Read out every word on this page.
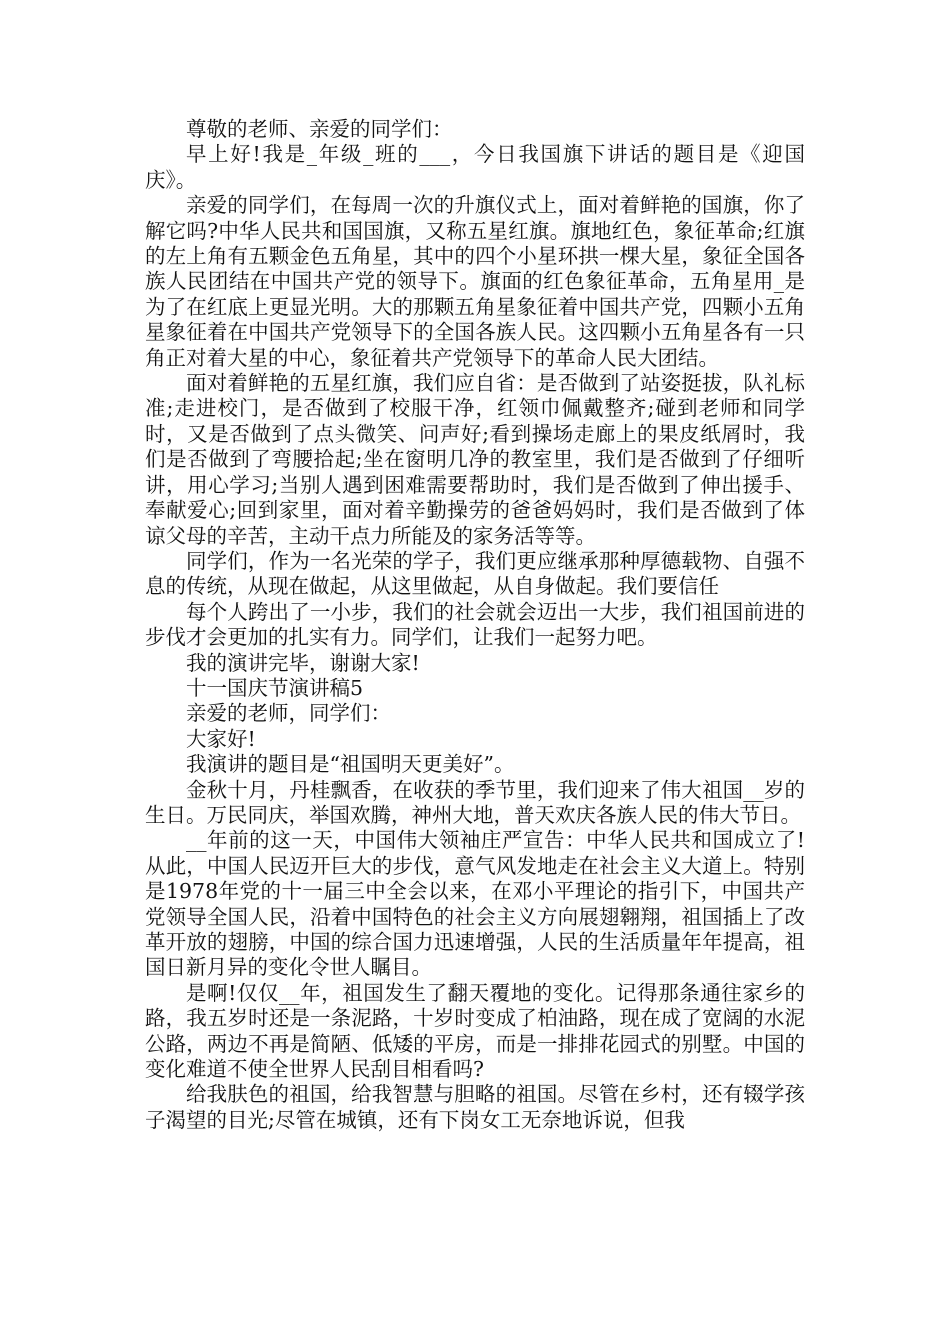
尊敬的老师、亲爱的同学们：

早上好!我是_年级_班的___，今日我国旗下讲话的题目是《迎国庆》。

亲爱的同学们，在每周一次的升旗仪式上，面对着鲜艳的国旗，你了解它吗?中华人民共和国国旗，又称五星红旗。旗地红色，象征革命;红旗的左上角有五颗金色五角星，其中的四个小星环拱一棵大星，象征全国各族人民团结在中国共产党的领导下。旗面的红色象征革命，五角星用_是为了在红底上更显光明。大的那颗五角星象征着中国共产党，四颗小五角星象征着在中国共产党领导下的全国各族人民。这四颗小五角星各有一只角正对着大星的中心，象征着共产党领导下的革命人民大团结。

面对着鲜艳的五星红旗，我们应自省：是否做到了站姿挺拔，队礼标准;走进校门，是否做到了校服干净，红领巾佩戴整齐;碰到老师和同学时，又是否做到了点头微笑、问声好;看到操场走廊上的果皮纸屑时，我们是否做到了弯腰拾起;坐在窗明几净的教室里，我们是否做到了仔细听讲，用心学习;当别人遇到困难需要帮助时，我们是否做到了伸出援手、奉献爱心;回到家里，面对着辛勤操劳的爸爸妈妈时，我们是否做到了体谅父母的辛苦，主动干点力所能及的家务活等等。

同学们，作为一名光荣的学子，我们更应继承那种厚德载物、自强不息的传统，从现在做起，从这里做起，从自身做起。我们要信任

每个人跨出了一小步，我们的社会就会迈出一大步，我们祖国前进的步伐才会更加的扎实有力。同学们，让我们一起努力吧。

我的演讲完毕，谢谢大家!

十一国庆节演讲稿5

亲爱的老师，同学们：

大家好!

我演讲的题目是“祖国明天更美好”。

金秋十月，丹桂飘香，在收获的季节里，我们迎来了伟大祖国__岁的生日。万民同庆，举国欢腾，神州大地，普天欢庆各族人民的伟大节日。

__年前的这一天，中国伟大领袖庄严宣告：中华人民共和国成立了!从此，中国人民迈开巨大的步伐，意气风发地走在社会主义大道上。特别是1978年党的十一届三中全会以来，在邓小平理论的指引下，中国共产党领导全国人民，沿着中国特色的社会主义方向展翅翱翔，祖国插上了改革开放的翅膀，中国的综合国力迅速增强，人民的生活质量年年提高，祖国日新月异的变化令世人瞩目。

是啊!仅仅__年，祖国发生了翻天覆地的变化。记得那条通往家乡的路，我五岁时还是一条泥路，十岁时变成了柏油路，现在成了宽阔的水泥公路，两边不再是简陋、低矮的平房，而是一排排花园式的别墅。中国的变化难道不使全世界人民刮目相看吗?

给我肤色的祖国，给我智慧与胆略的祖国。尽管在乡村，还有辍学孩子渴望的目光;尽管在城镇，还有下岗女工无奈地诉说，但我
